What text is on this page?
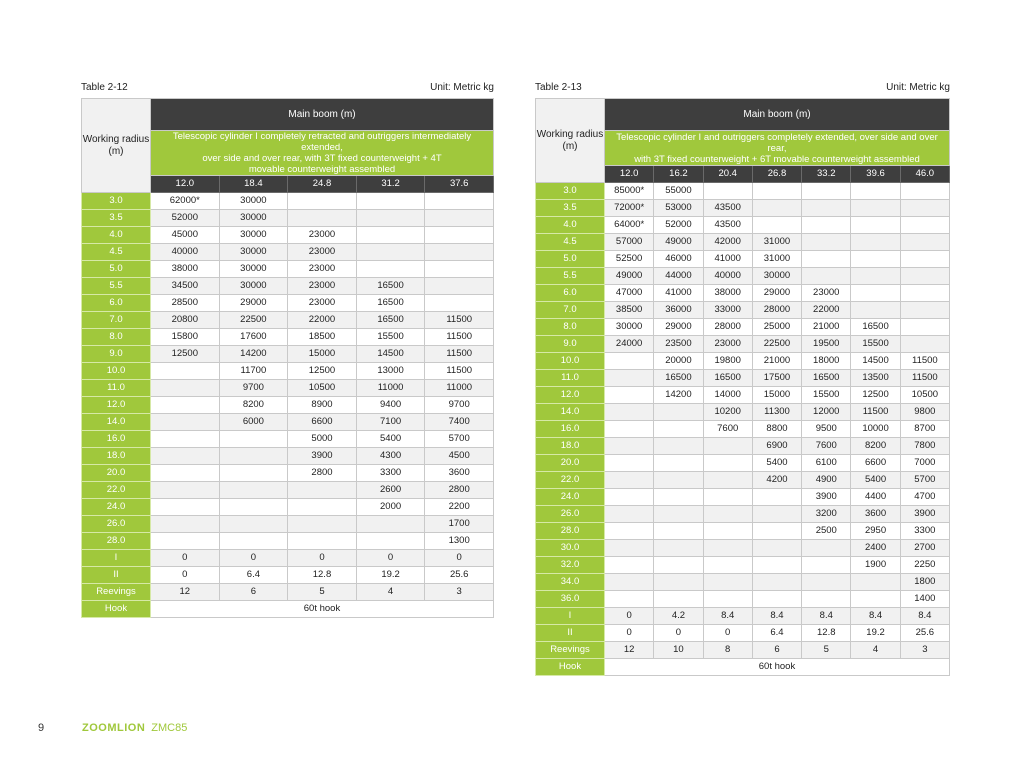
Table 2-12	Unit: Metric kg
Working radius (m)	Main boom (m)				
	Telescopic cylinder I completely retracted and outriggers intermediately extended,
over side and over rear, with 3T fixed counterweight + 4T
movable counterweight assembled				
	12.0	18.4	24.8	31.2	37.6
3.0	62000*	30000			
3.5	52000	30000			
4.0	45000	30000	23000		
4.5	40000	30000	23000		
5.0	38000	30000	23000		
5.5	34500	30000	23000	16500	
6.0	28500	29000	23000	16500	
7.0	20800	22500	22000	16500	11500
8.0	15800	17600	18500	15500	11500
9.0	12500	14200	15000	14500	11500
10.0		11700	12500	13000	11500
11.0		9700	10500	11000	11000
12.0		8200	8900	9400	9700
14.0		6000	6600	7100	7400
16.0			5000	5400	5700
18.0			3900	4300	4500
20.0			2800	3300	3600
22.0				2600	2800
24.0				2000	2200
26.0					1700
28.0					1300
I	0	0	0	0	0
II	0	6.4	12.8	19.2	25.6
Reevings	12	6	5	4	3
Hook	60t hook				
Table 2-13	Unit: Metric kg
Working radius (m)	Main boom (m)						
	Telescopic cylinder I and outriggers completely extended, over side and over rear,
with 3T fixed counterweight + 6T movable counterweight assembled						
	12.0	16.2	20.4	26.8	33.2	39.6	46.0
3.0	85000*	55000					
3.5	72000*	53000	43500				
4.0	64000*	52000	43500				
4.5	57000	49000	42000	31000			
5.0	52500	46000	41000	31000			
5.5	49000	44000	40000	30000			
6.0	47000	41000	38000	29000	23000		
7.0	38500	36000	33000	28000	22000		
8.0	30000	29000	28000	25000	21000	16500	
9.0	24000	23500	23000	22500	19500	15500	
10.0		20000	19800	21000	18000	14500	11500
11.0		16500	16500	17500	16500	13500	11500
12.0		14200	14000	15000	15500	12500	10500
14.0			10200	11300	12000	11500	9800
16.0			7600	8800	9500	10000	8700
18.0				6900	7600	8200	7800
20.0				5400	6100	6600	7000
22.0				4200	4900	5400	5700
24.0					3900	4400	4700
26.0					3200	3600	3900
28.0					2500	2950	3300
30.0						2400	2700
32.0						1900	2250
34.0							1800
36.0							1400
I	0	4.2	8.4	8.4	8.4	8.4	8.4
II	0	0	0	6.4	12.8	19.2	25.6
Reevings	12	10	8	6	5	4	3
Hook	60t hook						
9	ZOOMLION ZMC85
